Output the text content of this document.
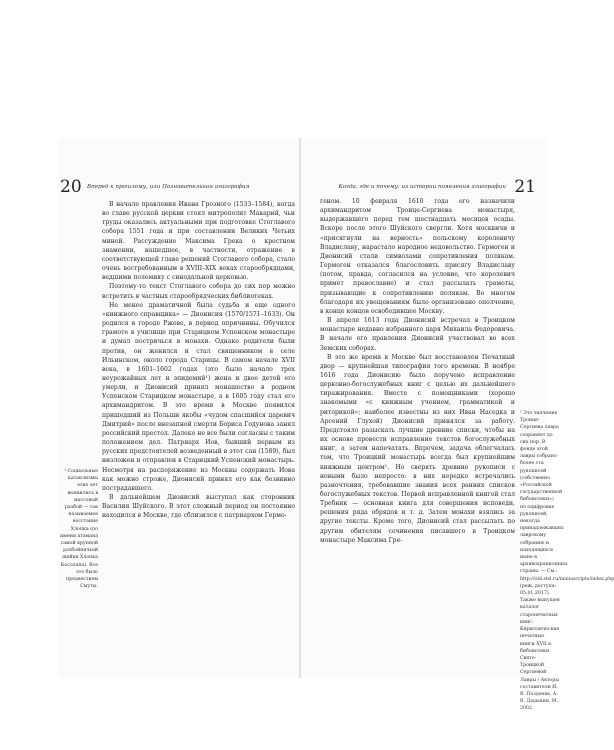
20 Вперед к прошлому, или Познавательная агиография	21
Когда, где и почему: из истории появления агиографии

В начале правления Ивана Грозного (1533–1584), когда во главе русской церкви стоял митрополит Макарий, чьи труды оказались актуальными при подготовке Стоглавого собора 1551 года и при составлении Великих Четьих миней. Рассуждение Максима Грека о крестном знамении, нашедшее, в частности, отражение в соответствующей главе решений Стоглавого собора, стало очень востребованным в XVIII–XIX веках старообрядцами, ведшими полемику с синодальной церковью.

Поэтому-то текст Стоглавого собора до сих пор можно встретить в частных старообрядческих библиотеках.

Не менее драматичной была судьба и еще одного «книжного справщика» — Дионисия (1570/1571–1633). Он родился в городе Ржеве, в период опричнины. Обучился грамоте в училище при Старицком Успенском монастыре и думал постричься в монахи. Однако родители были против, он женился и стал священником в селе Ильинском, около города Старицы. В самом начале XVII века, в 1601–1602 годах (это было начало трех неурожайных лет и эпидемий¹) жена и двое детей его умерли, и Дионисий принял монашество в родном Успенском Старицком монастыре, а в 1605 году стал его архимандритом. В это время в Москве появился пришедший из Польши якобы «чудом спасшийся царевич Дмитрий» после внезапной смерти Бориса Годунова занял российский престол. Далеко не все были согласны с таким положением дел. Патриарх Иов, бывший первым из русских предстоятелей возведенный в этот сан (1589), был низложен и отправлен в Старицкий Успенский монастырь. Несмотря на распоряжение из Москвы содержать Иова как можно строже, Дионисий принял его как безвинно пострадавшего.

В дальнейшем Дионисий выступал как сторонник Василия Шуйского. В этот сложный период он постоянно находился в Москве, где сблизился с патриархом Гермо-

¹ Социальные катаклизмы этих лет выявились в массовый разбой — так называемое восстание Хлопка (по имени атамана самой крупной разбойничьей шайки Хлопка Косолапа). Все это было предвестием Смуты.

геном. 10 февраля 1610 года его назначили архимандритом Троице-Сергиева монастыря, выдержавшего перед тем шестнадцать месяцев осады. Вскоре после этого Шуйского свергли. Хотя москвичи и «присягнули на верность» польскому королевичу Владиславу, нарастало народное недовольство. Гермоген и Дионисий стали символами сопротивления полякам. Гермоген отказался благословить присягу Владиславу (потом, правда, согласился на условие, что королевич примет православие) и стал рассылать грамоты, призывающие к сопротивлению полякам. Во многом благодаря их увещеваниям было организовано ополчение, в конце концов освободившее Москву.

В апреле 1613 года Дионисий встречал в Троицком монастыре недавно избранного царя Михаила Федоровича. В начале его правления Дионисий участвовал во всех Земских соборах.

В это же время в Москве был восстановлен Печатный двор — крупнейшая типография того времени. В ноябре 1616 года Дионисию было поручено исправление церковно-богослужебных книг с целью их дальнейшего тиражирования. Вместе с помощниками (хорошо знакомыми «с книжным учением, грамматикой и риторикой»; наиболее известны из них Иван Наседка и Арсений Глухой) Дионисий принялся за работу. Предстояло разыскать лучшие древние списки, чтобы на их основе провести исправление текстов богослужебных книг, а затем напечатать. Впрочем, задача облегчалась тем, что Троицкий монастырь всегда был крупнейшим книжным центром¹. Но сверять древние рукописи с новыми было непросто: в них нередко встречались разночтения, требовавшие знания всех ранних списков богослужебных текстов. Первой исправленной книгой стал Требник — основная книга для совершения исповеди, решения ряда обрядов и т. д. Затем монахи взялись за другие тексты. Кроме того, Дионисий стал рассылать по другим обителям сочинения писавшего в Троицком монастыре Максима Гре-

¹ Это значение Троице-Сергиева лавра сохраняет до сих пор. В фонде этой лавры собрано более ста рукописей (собственно «Российской государственной библиотеки») по оцифровке рукописей, некогда принадлежавших лаврскому собранию и находящихся ныне в архивохранилищах страны. — См.: http://old.stsl.ru/manuscripts/index.php (реж. доступа: 05.01.2017). Также выпущен каталог старопечатных книг: Кириллические печатные книги XVII в. библиотеки Свято-Троицкой Сергиевой Лавры / Авторы составители И. В. Поздеева, А. В. Дадыкин. М., 2002.
